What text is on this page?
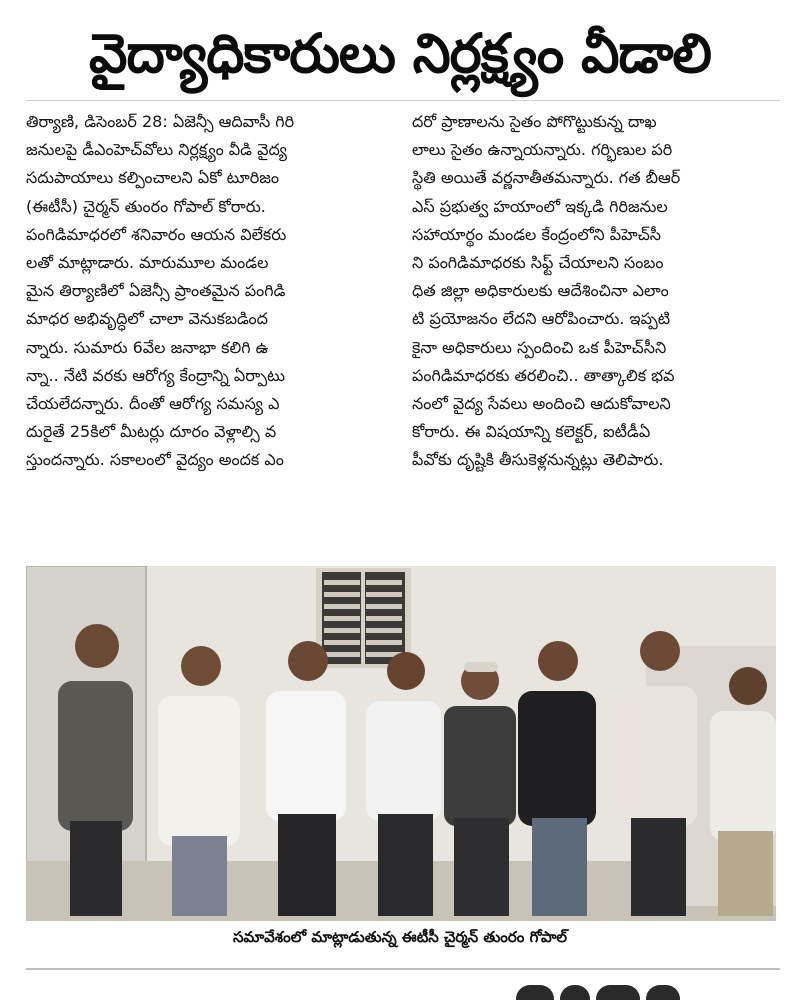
వైద్యాధికారులు నిర్లక్ష్యం వీడాలి
తిర్యాణి, డిసెంబర్ 28: ఏజెన్సీ ఆదివాసీ గిరి
జనులపై డీఎంహెచ్‌వోలు నిర్లక్ష్యం వీడి వైద్య
సదుపాయాలు కల్పించాలని ఏకో టూరిజం
(ఈటీసీ) చైర్మన్ తుంరం గోపాల్ కోరారు.
పంగిడిమాధరలో శనివారం ఆయన విలేకరు
లతో మాట్లాడారు. మారుమూల మండల
మైన తిర్యాణిలో ఏజెన్సీ ప్రాంతమైన పంగిడి
మాధర అభివృద్ధిలో చాలా వెనుకబడింద
న్నారు. సుమారు 6వేల జనాభా కలిగి ఉ
న్నా.. నేటి వరకు ఆరోగ్య కేంద్రాన్ని ఏర్పాటు
చేయలేదన్నారు. దీంతో ఆరోగ్య సమస్య ఎ
దురైతే 25కిలో మీటర్లు దూరం వెళ్లాల్సి వ
స్తుందన్నారు. సకాలంలో వైద్యం అందక ఎం
దరో ప్రాణాలను సైతం పోగొట్టుకున్న దాఖ
లాలు సైతం ఉన్నాయన్నారు. గర్భిణుల పరి
స్థితి అయితే వర్ణనాతీతమన్నారు. గత బీఆర్
ఎస్ ప్రభుత్వ హయాంలో ఇక్కడి గిరిజనుల
సహాయార్థం మండల కేంద్రంలోని పీహెచ్‌సీ
ని పంగిడిమాధరకు సిఫ్ట్ చేయాలని సంబం
ధిత జిల్లా అధికారులకు ఆదేశించినా ఎలాం
టి ప్రయోజనం లేదని ఆరోపించారు. ఇప్పటి
కైనా అధికారులు స్పందించి ఒక పీహెచ్‌సీని
పంగిడిమాధరకు తరలించి.. తాత్కాలిక భవ
నంలో వైద్య సేవలు అందించి ఆదుకోవాలని
కోరారు. ఈ విషయాన్ని కలెక్టర్, ఐటీడీఏ
పీవోకు దృష్టికి తీసుకెళ్లనున్నట్లు తెలిపారు.
సమావేశంలో మాట్లాడుతున్న ఈటీసీ చైర్మన్ తుంరం గోపాల్
